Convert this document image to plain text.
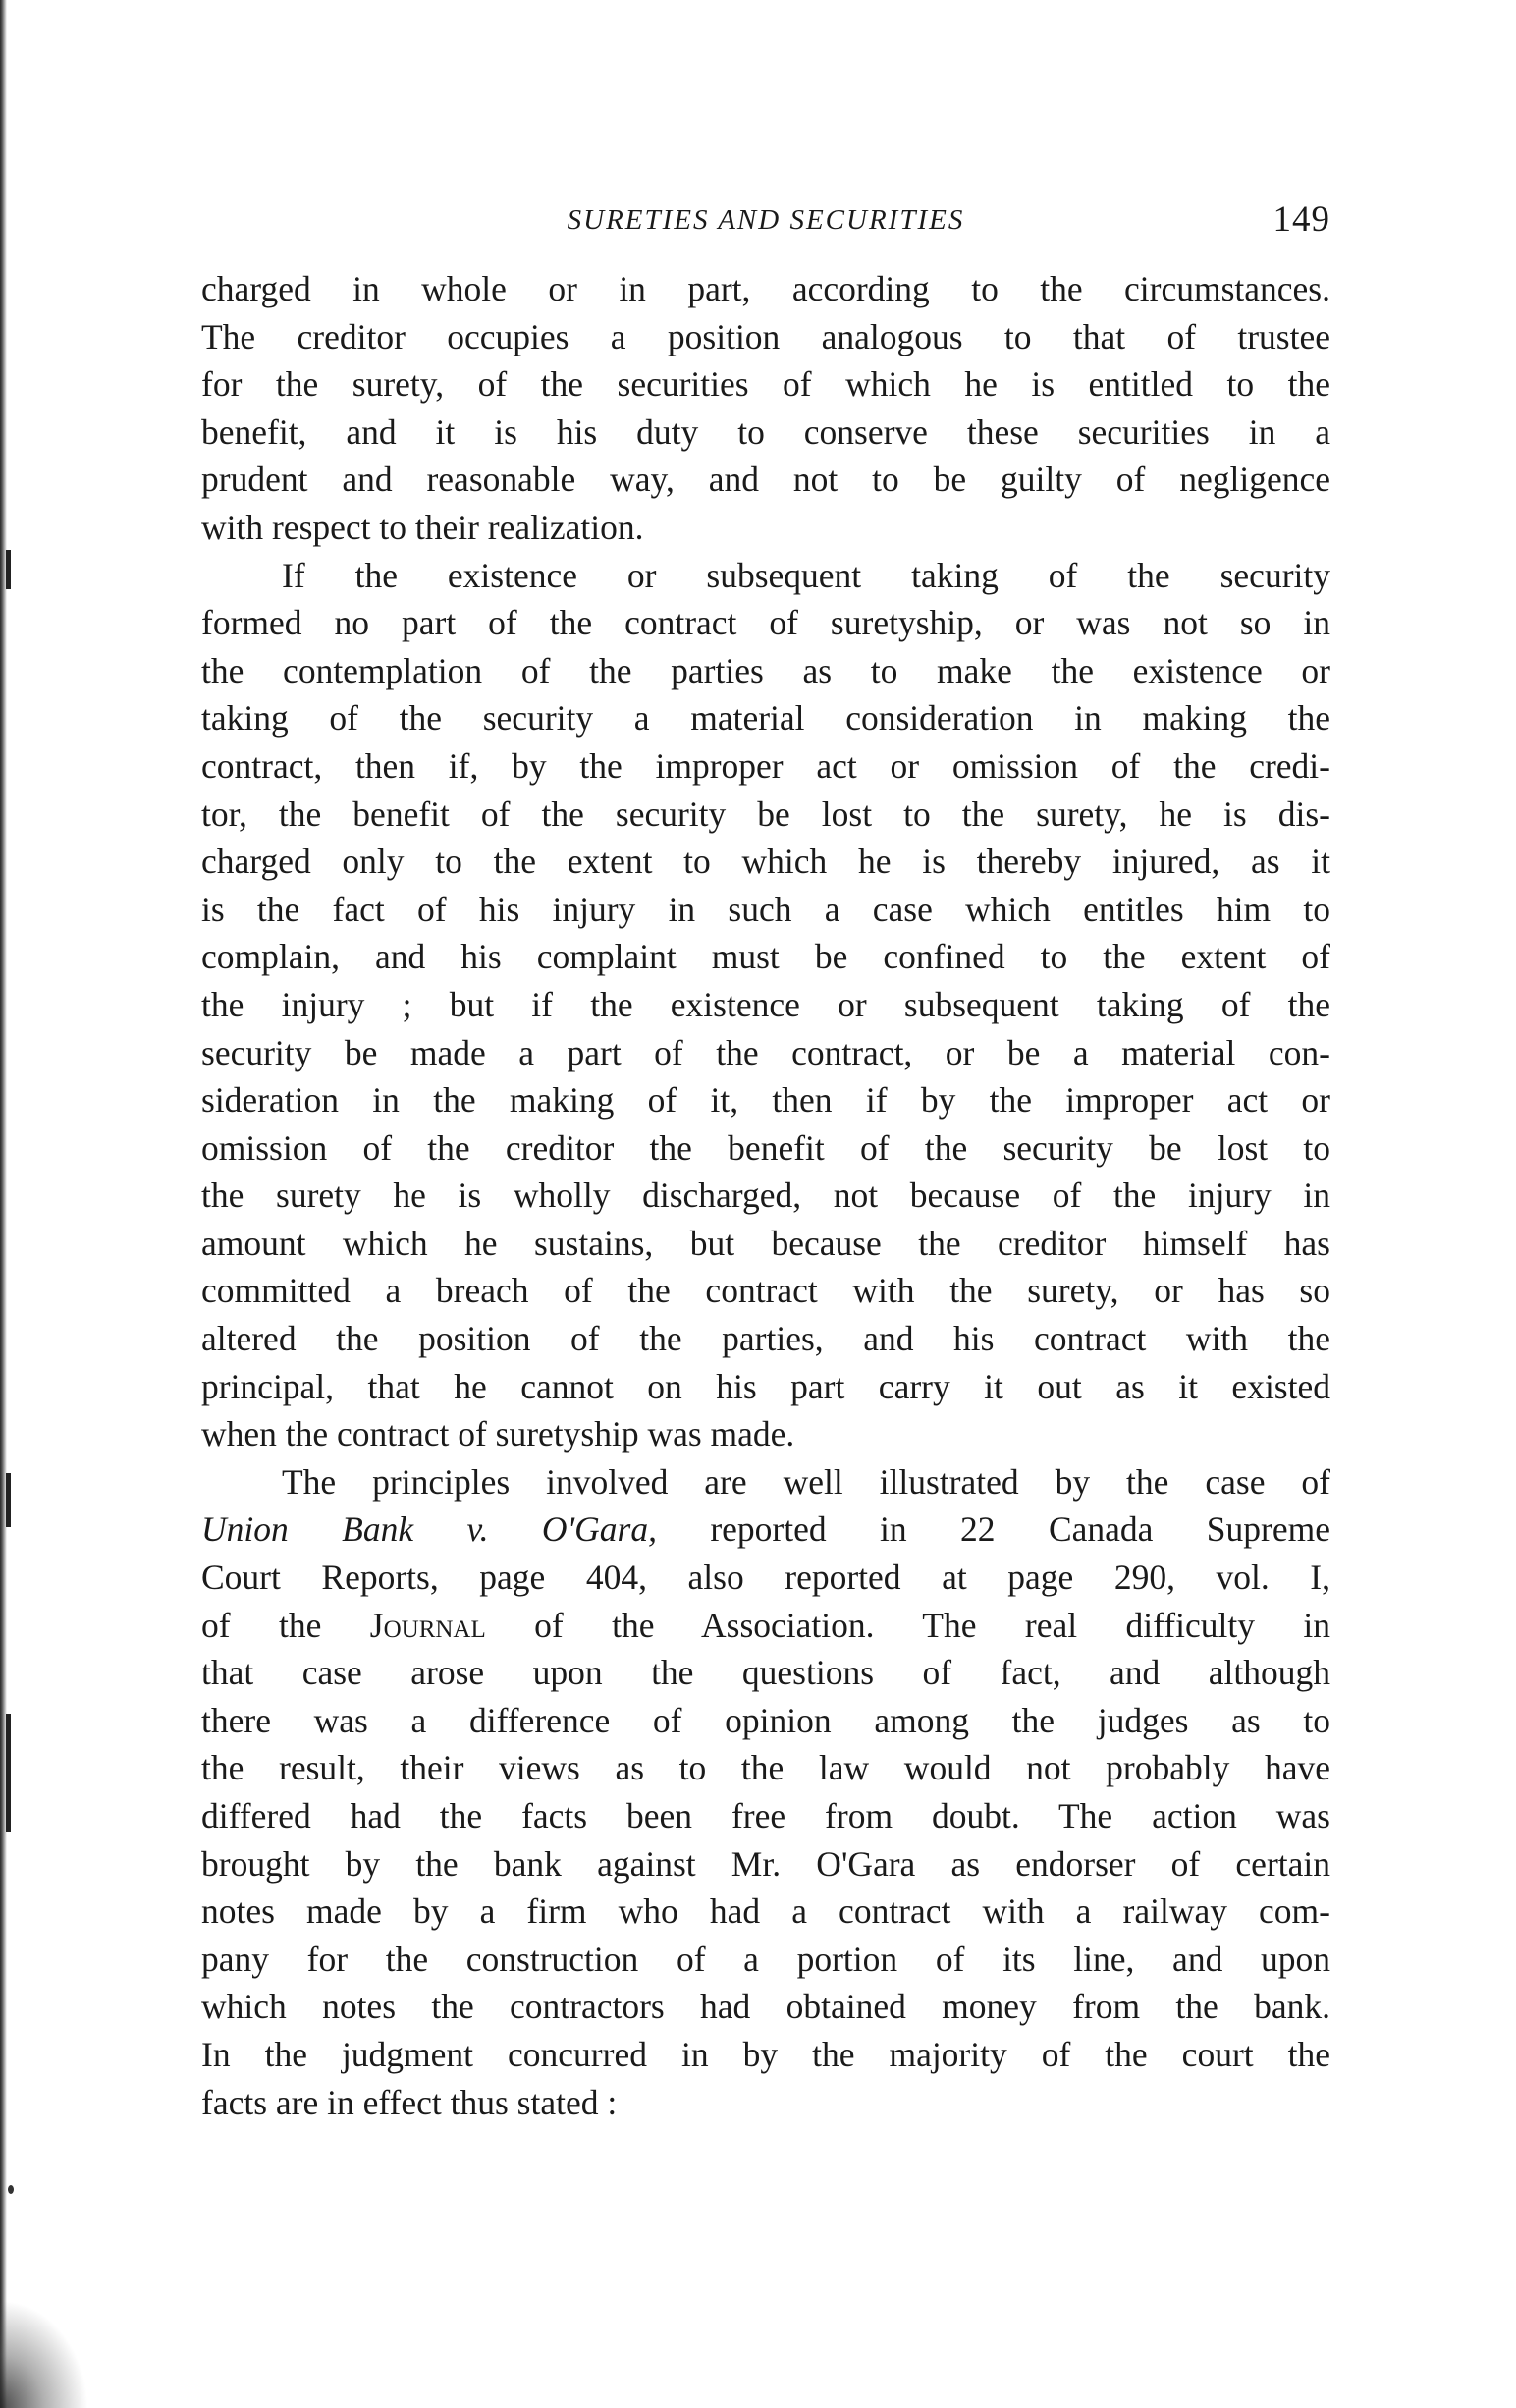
SURETIES AND SECURITIES	149

charged in whole or in part, according to the circumstances.
The creditor occupies a position analogous to that of trustee
for the surety, of the securities of which he is entitled to the
benefit, and it is his duty to conserve these securities in a
prudent and reasonable way, and not to be guilty of negligence
with respect to their realization.

If the existence or subsequent taking of the security
formed no part of the contract of suretyship, or was not so in
the contemplation of the parties as to make the existence or
taking of the security a material consideration in making the
contract, then if, by the improper act or omission of the credi-
tor, the benefit of the security be lost to the surety, he is dis-
charged only to the extent to which he is thereby injured, as it
is the fact of his injury in such a case which entitles him to
complain, and his complaint must be confined to the extent of
the injury ; but if the existence or subsequent taking of the
security be made a part of the contract, or be a material con-
sideration in the making of it, then if by the improper act or
omission of the creditor the benefit of the security be lost to
the surety he is wholly discharged, not because of the injury in
amount which he sustains, but because the creditor himself has
committed a breach of the contract with the surety, or has so
altered the position of the parties, and his contract with the
principal, that he cannot on his part carry it out as it existed
when the contract of suretyship was made.

The principles involved are well illustrated by the case of
Union Bank v. O'Gara, reported in 22 Canada Supreme
Court Reports, page 404, also reported at page 290, vol. I,
of the Journal of the Association. The real difficulty in
that case arose upon the questions of fact, and although
there was a difference of opinion among the judges as to
the result, their views as to the law would not probably have
differed had the facts been free from doubt. The action was
brought by the bank against Mr. O'Gara as endorser of certain
notes made by a firm who had a contract with a railway com-
pany for the construction of a portion of its line, and upon
which notes the contractors had obtained money from the bank.
In the judgment concurred in by the majority of the court the
facts are in effect thus stated :
